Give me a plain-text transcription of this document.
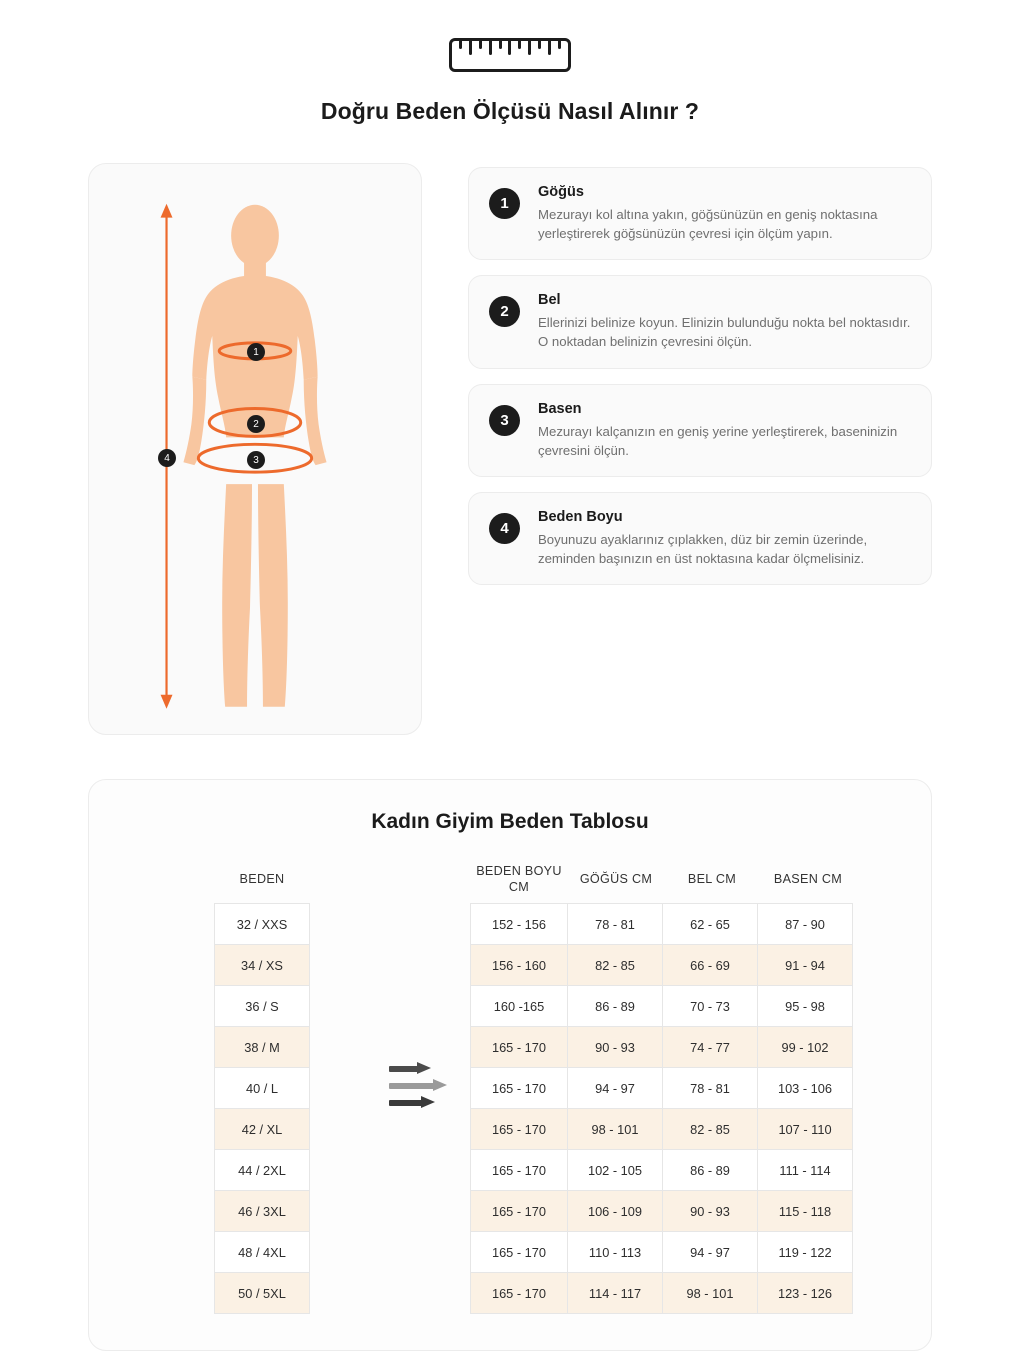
Doğru Beden Ölçüsü Nasıl Alınır ?
1
2
3
4
1
Göğüs
Mezurayı kol altına yakın, göğsünüzün en geniş noktasına yerleştirerek göğsünüzün çevresi için ölçüm yapın.
2
Bel
Ellerinizi belinize koyun. Elinizin bulunduğu nokta bel noktasıdır. O noktadan belinizin çevresini ölçün.
3
Basen
Mezurayı kalçanızın en geniş yerine yerleştirerek, baseninizin çevresini ölçün.
4
Beden Boyu
Boyunuzu ayaklarınız çıplakken, düz bir zemin üzerinde, zeminden başınızın en üst noktasına kadar ölçmelisiniz.
Kadın Giyim Beden Tablosu
BEDEN
32 / XXS
34 / XS
36 / S
38 / M
40 / L
42 / XL
44 / 2XL
46 / 3XL
48 / 4XL
50 / 5XL
BEDEN BOYU CM
GÖĞÜS CM	BEL CM	BASEN CM
152 - 156
156 - 160
160 -165
165 - 170
165 - 170
165 - 170
165 - 170
165 - 170
165 - 170
165 - 170
78 - 81
82 - 85
86 - 89
90 - 93
94 - 97
98 - 101
102 - 105
106 - 109
110 - 113
114 - 117
62 - 65
66 - 69
70 - 73
74 - 77
78 - 81
82 - 85
86 - 89
90 - 93
94 - 97
98 - 101
87 - 90
91 - 94
95 - 98
99 - 102
103 - 106
107 - 110
111 - 114
115 - 118
119 - 122
123 - 126
